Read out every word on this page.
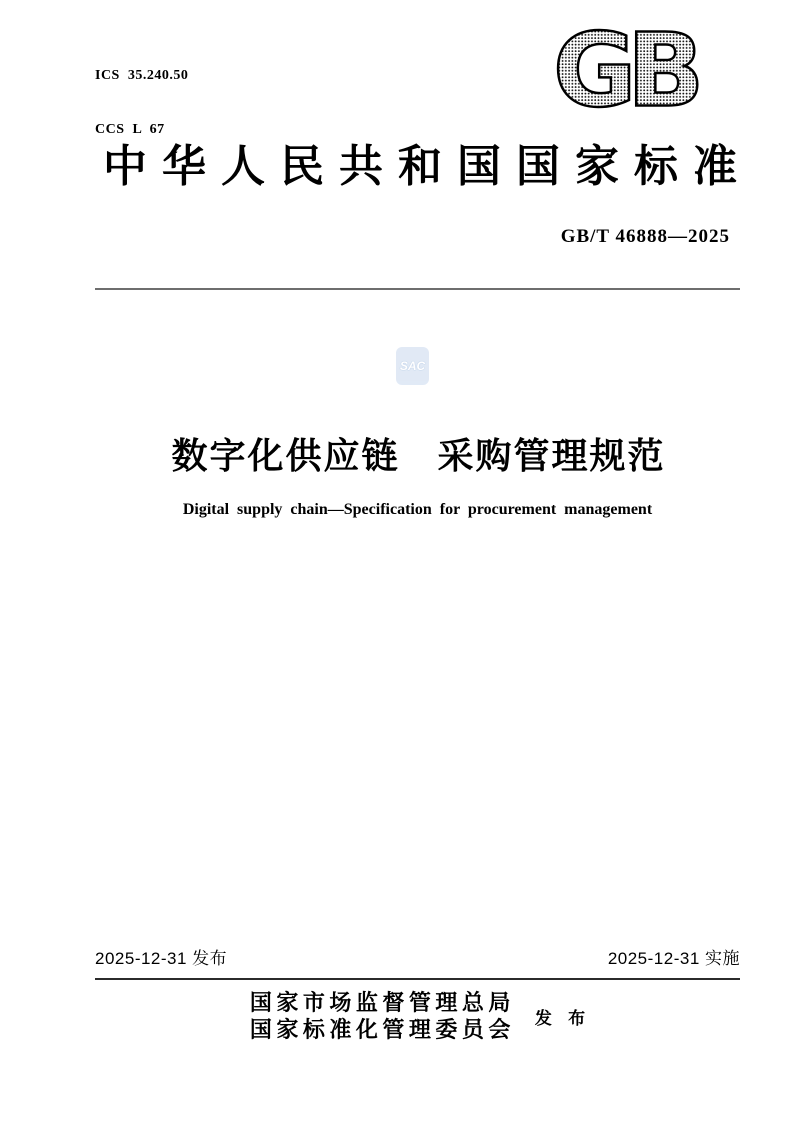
ICS  35.240.50

CCS  L  67

	GB
中华人民共和国国家标准
GB/T 46888—2025
数字化供应链　采购管理规范
Digital supply chain—Specification for procurement management
2025-12-31 发布	2025-12-31 实施
国家市场监督管理总局
国家标准化管理委员会 发 布
SAC
